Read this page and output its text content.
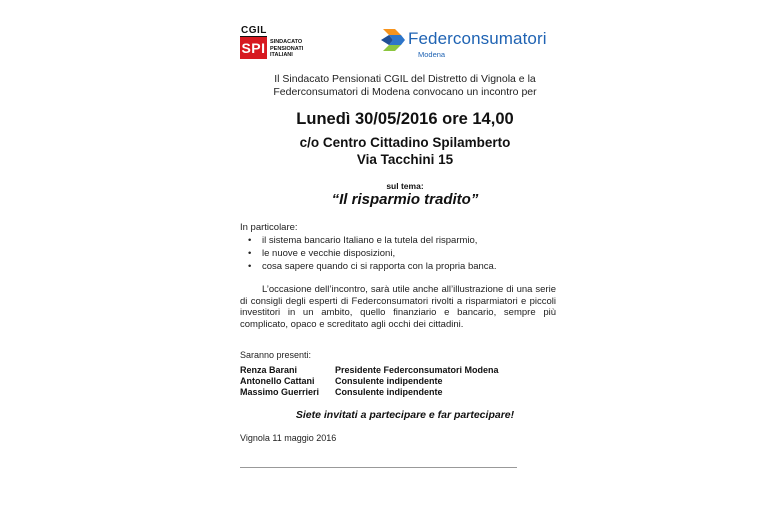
CGIL
SPI SINDACATO
PENSIONATI
ITALIANI
Federconsumatori
Modena
Il Sindacato Pensionati CGIL del Distretto di Vignola e la
Federconsumatori di Modena convocano un incontro per
Lunedì 30/05/2016 ore 14,00
c/o Centro Cittadino Spilamberto
Via Tacchini 15
sul tema:
“Il risparmio tradito”
In particolare:
• il sistema bancario Italiano e la tutela del risparmio,
• le nuove e vecchie disposizioni,
• cosa sapere quando ci si rapporta con la propria banca.
L’occasione dell’incontro, sarà utile anche all’illustrazione di una serie di consigli degli esperti di Federconsumatori rivolti a risparmiatori e piccoli investitori in un ambito, quello finanziario e bancario, sempre più complicato, opaco e screditato agli occhi dei cittadini.
Saranno presenti:
Renza Barani	Presidente Federconsumatori Modena
Antonello Cattani	Consulente indipendente
Massimo Guerrieri	Consulente indipendente
Siete invitati a partecipare e far partecipare!
Vignola 11 maggio 2016
